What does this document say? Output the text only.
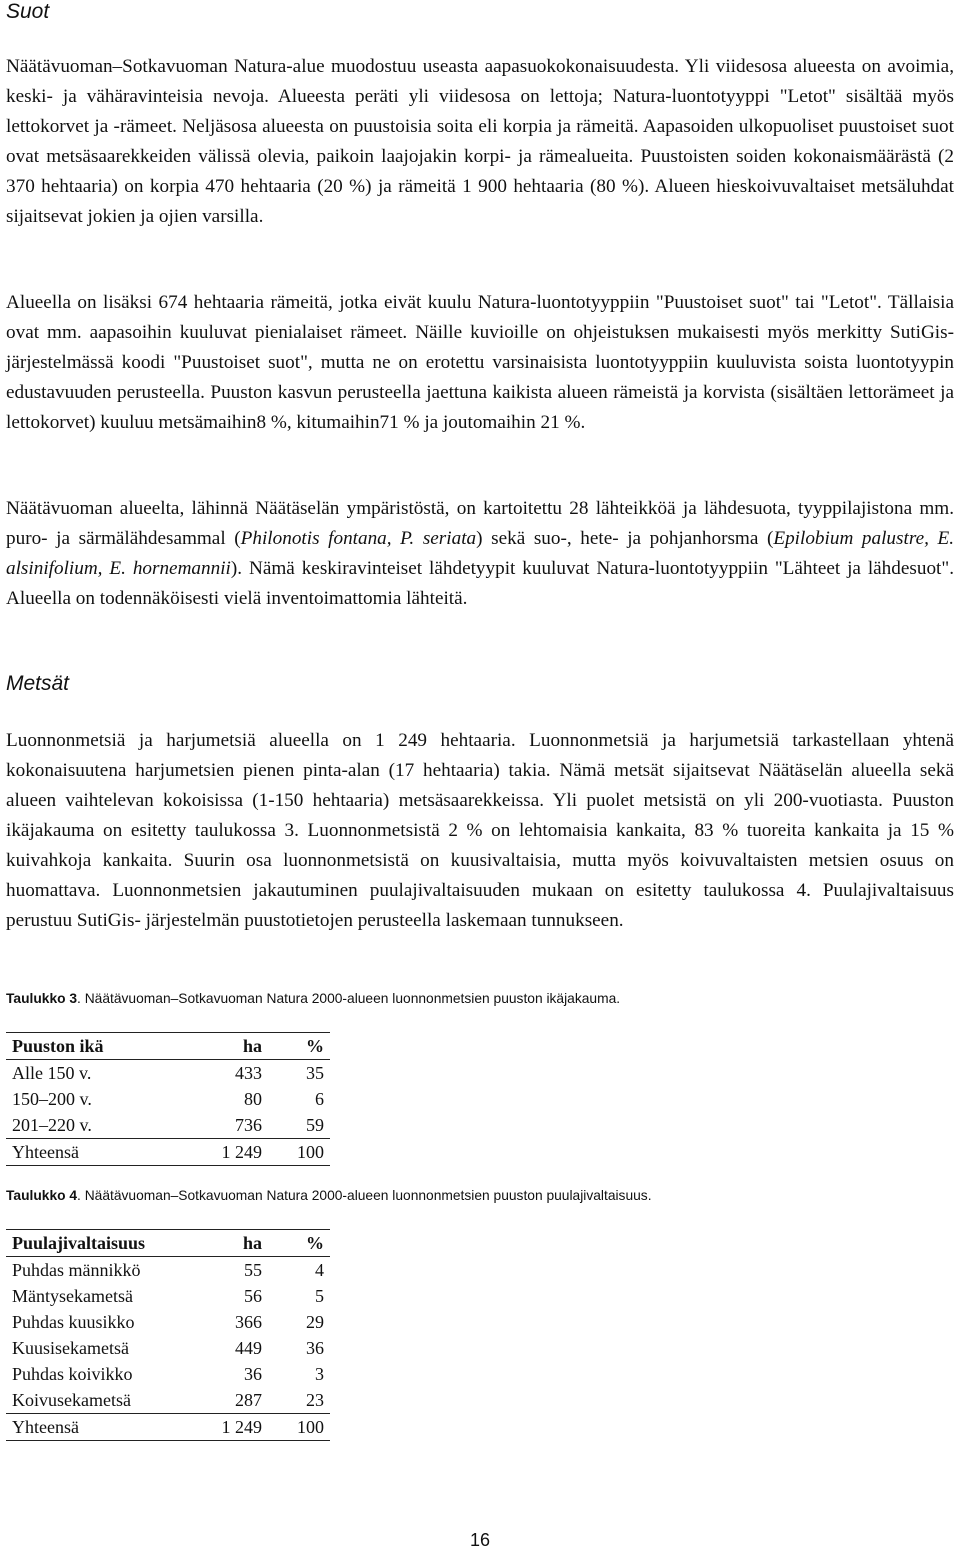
Suot

Näätävuoman–Sotkavuoman Natura-alue muodostuu useasta aapasuokokonaisuudesta. Yli viidesosa alueesta on avoimia, keski- ja vähäravinteisia nevoja. Alueesta peräti yli viidesosa on lettoja; Natura-luontotyyppi "Letot" sisältää myös lettokorvet ja -rämeet. Neljäsosa alueesta on puustoisia soita eli korpia ja rämeitä. Aapasoiden ulkopuoliset puustoiset suot ovat metsäsaarekkeiden välissä olevia, paikoin laajojakin korpi- ja rämealueita. Puustoisten soiden kokonaismäärästä (2 370 hehtaaria) on korpia 470 hehtaaria (20 %) ja rämeitä 1 900 hehtaaria (80 %). Alueen hieskoivuvaltaiset metsäluhdat sijaitsevat jokien ja ojien varsilla.

Alueella on lisäksi 674 hehtaaria rämeitä, jotka eivät kuulu Natura-luontotyyppiin "Puustoiset suot" tai "Letot". Tällaisia ovat mm. aapasoihin kuuluvat pienialaiset rämeet. Näille kuvioille on ohjeistuksen mukaisesti myös merkitty SutiGis- järjestelmässä koodi "Puustoiset suot", mutta ne on erotettu varsinaisista luontotyyppiin kuuluvista soista luontotyypin edustavuuden perusteella. Puuston kasvun perusteella jaettuna kaikista alueen rämeistä ja korvista (sisältäen lettorämeet ja lettokorvet) kuuluu metsämaihin8 %, kitumaihin71 % ja joutomaihin 21 %.

Näätävuoman alueelta, lähinnä Näätäselän ympäristöstä, on kartoitettu 28 lähteikköä ja lähdesuota, tyyppilajistona mm. puro- ja särmälähdesammal (Philonotis fontana, P. seriata) sekä suo-, hete- ja pohjanhorsma (Epilobium palustre, E. alsinifolium, E. hornemannii). Nämä keskiravinteiset lähdetyypit kuuluvat Natura-luontotyyppiin "Lähteet ja lähdesuot". Alueella on todennäköisesti vielä inventoimattomia lähteitä.

Metsät

Luonnonmetsiä ja harjumetsiä alueella on 1 249 hehtaaria. Luonnonmetsiä ja harjumetsiä tarkastellaan yhtenä kokonaisuutena harjumetsien pienen pinta-alan (17 hehtaaria) takia. Nämä metsät sijaitsevat Näätäselän alueella sekä alueen vaihtelevan kokoisissa (1-150 hehtaaria) metsäsaarekkeissa. Yli puolet metsistä on yli 200-vuotiasta. Puuston ikäjakauma on esitetty taulukossa 3. Luonnonmetsistä 2 % on lehtomaisia kankaita, 83 % tuoreita kankaita ja 15 % kuivahkoja kankaita. Suurin osa luonnonmetsistä on kuusivaltaisia, mutta myös koivuvaltaisten metsien osuus on huomattava. Luonnonmetsien jakautuminen puulajivaltaisuuden mukaan on esitetty taulukossa 4. Puulajivaltaisuus perustuu SutiGis- järjestelmän puustotietojen perusteella laskemaan tunnukseen.

Taulukko 3. Näätävuoman–Sotkavuoman Natura 2000-alueen luonnonmetsien puuston ikäjakauma.

Puuston ikä	ha	%
Alle 150 v.	433	35
150–200 v.	80	6
201–220 v.	736	59
Yhteensä	1 249	100

Taulukko 4. Näätävuoman–Sotkavuoman Natura 2000-alueen luonnonmetsien puuston puulajivaltaisuus.

Puulajivaltaisuus	ha	%
Puhdas männikkö	55	4
Mäntysekametsä	56	5
Puhdas kuusikko	366	29
Kuusisekametsä	449	36
Puhdas koivikko	36	3
Koivusekametsä	287	23
Yhteensä	1 249	100
16
